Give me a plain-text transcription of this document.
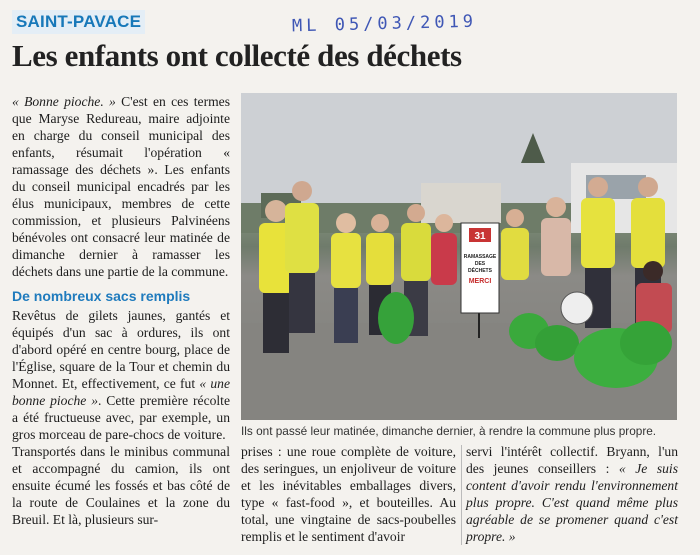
SAINT-PAVACE	ML 05/03/2019
Les enfants ont collecté des déchets

« Bonne pioche. » C'est en ces termes que Maryse Redureau, maire adjointe en charge du conseil municipal des enfants, résumait l'opération « ramassage des déchets ». Les enfants du conseil municipal encadrés par les élus municipaux, membres de cette commission, et plusieurs Palvinéens bénévoles ont consacré leur matinée de dimanche dernier à ramasser les déchets dans une partie de la commune.

De nombreux sacs remplis

Revêtus de gilets jaunes, gantés et équipés d'un sac à ordures, ils ont d'abord opéré en centre bourg, place de l'Église, square de la Tour et chemin du Monnet. Et, effectivement, ce fut « une bonne pioche ». Cette première récolte a été fructueuse avec, par exemple, un gros morceau de pare-chocs de voiture.

Transportés dans le minibus communal et accompagné du camion, ils ont ensuite écumé les fossés et bas côté de la route de Coulaines et la zone du Breuil. Et là, plusieurs sur-

31
RAMASSAGE
DES
DÉCHETS
MERCI
Ils ont passé leur matinée, dimanche dernier, à rendre la commune plus propre.

prises : une roue complète de voiture, des seringues, un enjoliveur de voiture et les inévitables emballages divers, type « fast-food », et bouteilles. Au total, une vingtaine de sacs-poubelles remplis et le sentiment d'avoir

servi l'intérêt collectif. Bryann, l'un des jeunes conseillers : « Je suis content d'avoir rendu l'environnement plus propre. C'est quand même plus agréable de se promener quand c'est propre. »
